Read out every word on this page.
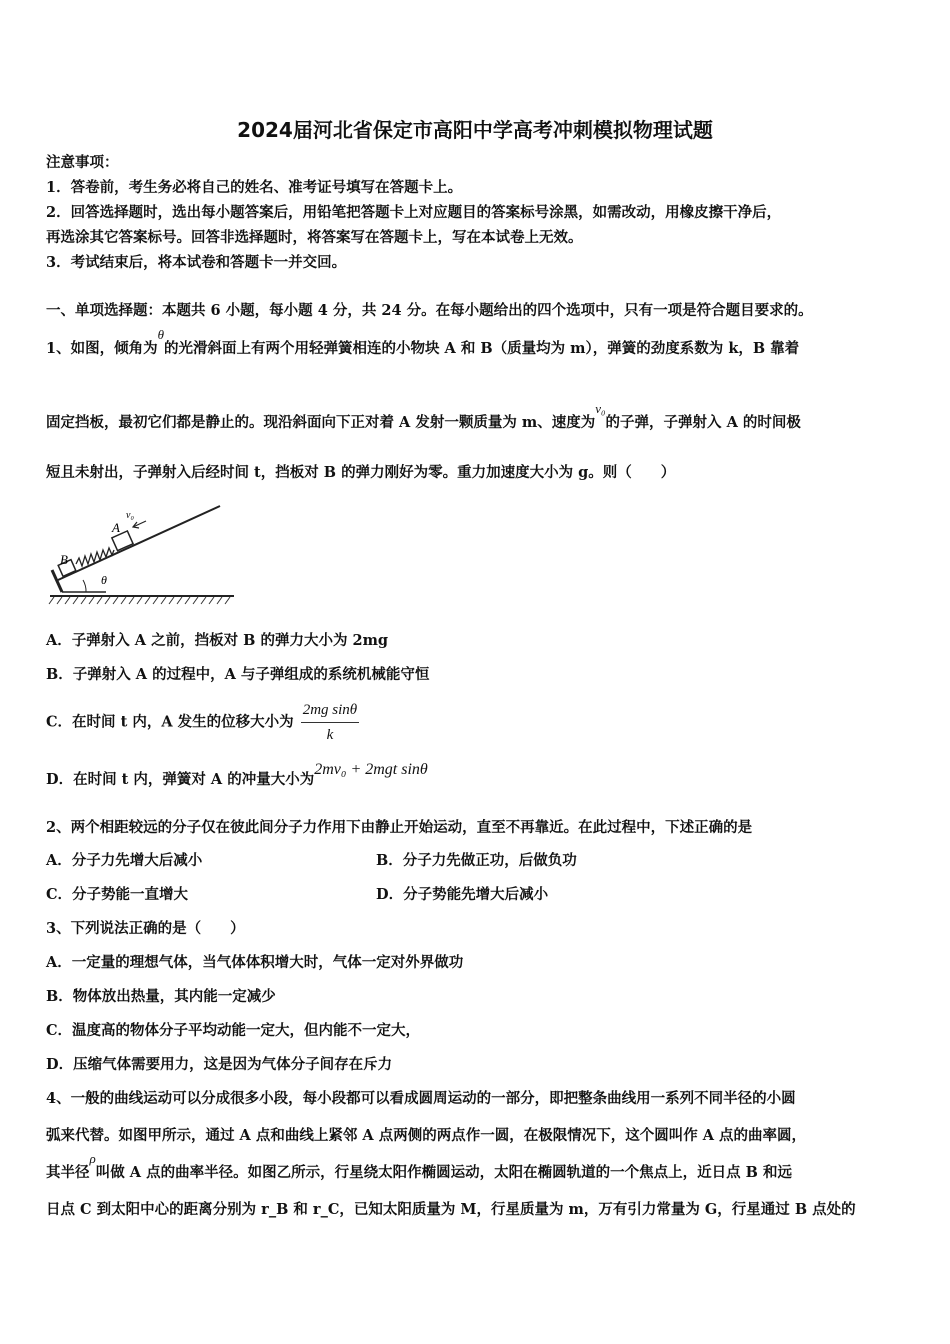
2024届河北省保定市高阳中学高考冲刺模拟物理试题
注意事项：
1．答卷前，考生务必将自己的姓名、准考证号填写在答题卡上。
2．回答选择题时，选出每小题答案后，用铅笔把答题卡上对应题目的答案标号涂黑，如需改动，用橡皮擦干净后，
再选涂其它答案标号。回答非选择题时，将答案写在答题卡上，写在本试卷上无效。
3．考试结束后，将本试卷和答题卡一并交回。
一、单项选择题：本题共 6 小题，每小题 4 分，共 24 分。在每小题给出的四个选项中，只有一项是符合题目要求的。
1、如图，倾角为θ的光滑斜面上有两个用轻弹簧相连的小物块 A 和 B（质量均为 m），弹簧的劲度系数为 k，B 靠着
固定挡板，最初它们都是静止的。现沿斜面向下正对着 A 发射一颗质量为 m、速度为v₀的子弹，子弹射入 A 的时间极
短且未射出，子弹射入后经时间 t，挡板对 B 的弹力刚好为零。重力加速度大小为 g。则（　　）
B
A
v₀
θ
A．子弹射入 A 之前，挡板对 B 的弹力大小为 2mg
B．子弹射入 A 的过程中，A 与子弹组成的系统机械能守恒
C．在时间 t 内，A 发生的位移大小为 $\frac{\text{2mg sinθ}}{k}$
D．在时间 t 内，弹簧对 A 的冲量大小为2mv₀ + 2mgt sinθ
2、两个相距较远的分子仅在彼此间分子力作用下由静止开始运动，直至不再靠近。在此过程中，下述正确的是
A．分子力先增大后减小	B．分子力先做正功，后做负功
C．分子势能一直增大	D．分子势能先增大后减小
3、下列说法正确的是（　　）
A．一定量的理想气体，当气体体积增大时，气体一定对外界做功
B．物体放出热量，其内能一定减少
C．温度高的物体分子平均动能一定大，但内能不一定大，
D．压缩气体需要用力，这是因为气体分子间存在斥力
4、一般的曲线运动可以分成很多小段，每小段都可以看成圆周运动的一部分，即把整条曲线用一系列不同半径的小圆
弧来代替。如图甲所示，通过 A 点和曲线上紧邻 A 点两侧的两点作一圆，在极限情况下，这个圆叫作 A 点的曲率圆，
其半径ρ叫做 A 点的曲率半径。如图乙所示，行星绕太阳作椭圆运动，太阳在椭圆轨道的一个焦点上，近日点 B 和远
日点 C 到太阳中心的距离分别为 r_B 和 r_C，已知太阳质量为 M，行星质量为 m，万有引力常量为 G，行星通过 B 点处的
